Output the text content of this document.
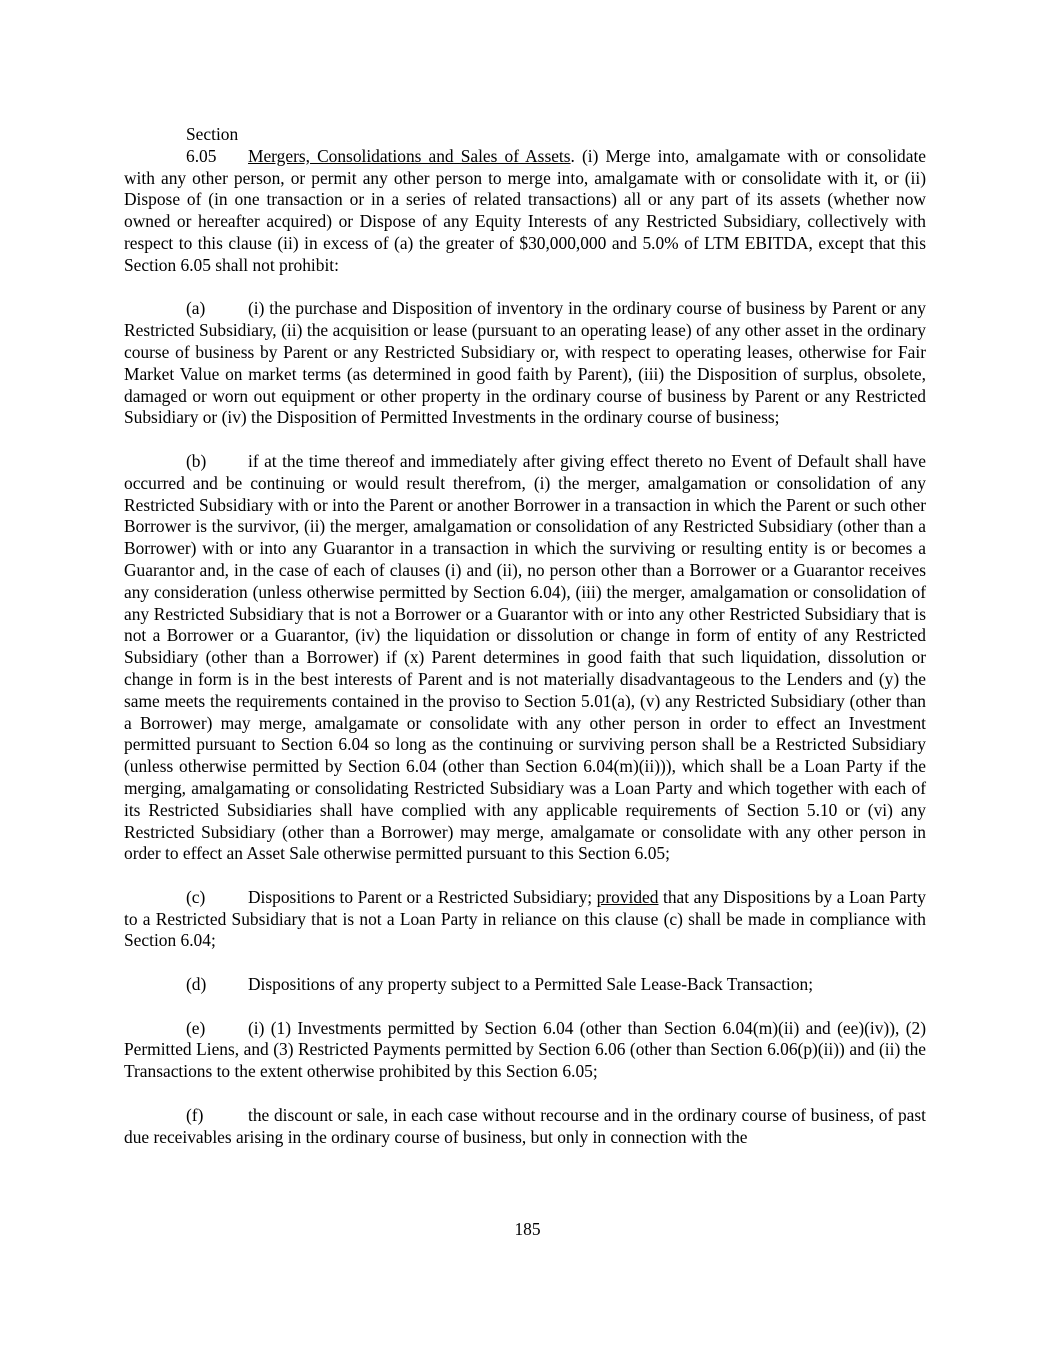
Section 6.05 Mergers, Consolidations and Sales of Assets. (i) Merge into, amalgamate with or consolidate with any other person, or permit any other person to merge into, amalgamate with or consolidate with it, or (ii) Dispose of (in one transaction or in a series of related transactions) all or any part of its assets (whether now owned or hereafter acquired) or Dispose of any Equity Interests of any Restricted Subsidiary, collectively with respect to this clause (ii) in excess of (a) the greater of $30,000,000 and 5.0% of LTM EBITDA, except that this Section 6.05 shall not prohibit:

(a) (i) the purchase and Disposition of inventory in the ordinary course of business by Parent or any Restricted Subsidiary, (ii) the acquisition or lease (pursuant to an operating lease) of any other asset in the ordinary course of business by Parent or any Restricted Subsidiary or, with respect to operating leases, otherwise for Fair Market Value on market terms (as determined in good faith by Parent), (iii) the Disposition of surplus, obsolete, damaged or worn out equipment or other property in the ordinary course of business by Parent or any Restricted Subsidiary or (iv) the Disposition of Permitted Investments in the ordinary course of business;

(b) if at the time thereof and immediately after giving effect thereto no Event of Default shall have occurred and be continuing or would result therefrom, (i) the merger, amalgamation or consolidation of any Restricted Subsidiary with or into the Parent or another Borrower in a transaction in which the Parent or such other Borrower is the survivor, (ii) the merger, amalgamation or consolidation of any Restricted Subsidiary (other than a Borrower) with or into any Guarantor in a transaction in which the surviving or resulting entity is or becomes a Guarantor and, in the case of each of clauses (i) and (ii), no person other than a Borrower or a Guarantor receives any consideration (unless otherwise permitted by Section 6.04), (iii) the merger, amalgamation or consolidation of any Restricted Subsidiary that is not a Borrower or a Guarantor with or into any other Restricted Subsidiary that is not a Borrower or a Guarantor, (iv) the liquidation or dissolution or change in form of entity of any Restricted Subsidiary (other than a Borrower) if (x) Parent determines in good faith that such liquidation, dissolution or change in form is in the best interests of Parent and is not materially disadvantageous to the Lenders and (y) the same meets the requirements contained in the proviso to Section 5.01(a), (v) any Restricted Subsidiary (other than a Borrower) may merge, amalgamate or consolidate with any other person in order to effect an Investment permitted pursuant to Section 6.04 so long as the continuing or surviving person shall be a Restricted Subsidiary (unless otherwise permitted by Section 6.04 (other than Section 6.04(m)(ii))), which shall be a Loan Party if the merging, amalgamating or consolidating Restricted Subsidiary was a Loan Party and which together with each of its Restricted Subsidiaries shall have complied with any applicable requirements of Section 5.10 or (vi) any Restricted Subsidiary (other than a Borrower) may merge, amalgamate or consolidate with any other person in order to effect an Asset Sale otherwise permitted pursuant to this Section 6.05;

(c) Dispositions to Parent or a Restricted Subsidiary; provided that any Dispositions by a Loan Party to a Restricted Subsidiary that is not a Loan Party in reliance on this clause (c) shall be made in compliance with Section 6.04;

(d) Dispositions of any property subject to a Permitted Sale Lease-Back Transaction;

(e) (i) (1) Investments permitted by Section 6.04 (other than Section 6.04(m)(ii) and (ee)(iv)), (2) Permitted Liens, and (3) Restricted Payments permitted by Section 6.06 (other than Section 6.06(p)(ii)) and (ii) the Transactions to the extent otherwise prohibited by this Section 6.05;

(f)	the discount or sale, in each case without recourse and in the ordinary course of business, of past due receivables arising in the ordinary course of business, but only in connection with the

185
